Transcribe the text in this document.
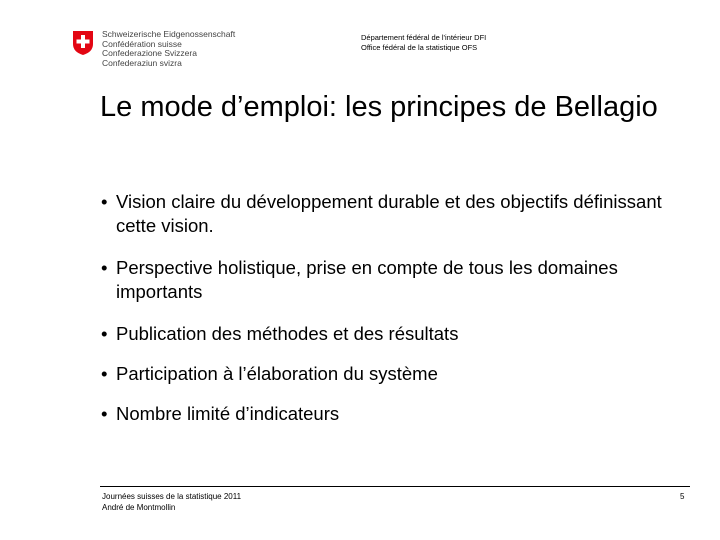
Schweizerische Eidgenossenschaft
Confédération suisse
Confederazione Svizzera
Confederaziun svizra
Département fédéral de l'intérieur DFI
Office fédéral de la statistique OFS
Le mode d’emploi: les principes de Bellagio
• Vision claire du développement durable et des objectifs définissant cette vision.
• Perspective holistique, prise en compte de tous les domaines importants
• Publication des méthodes et des résultats
• Participation à l’élaboration du système
• Nombre limité d’indicateurs
Journées suisses de la statistique 2011
André de Montmollin
5
